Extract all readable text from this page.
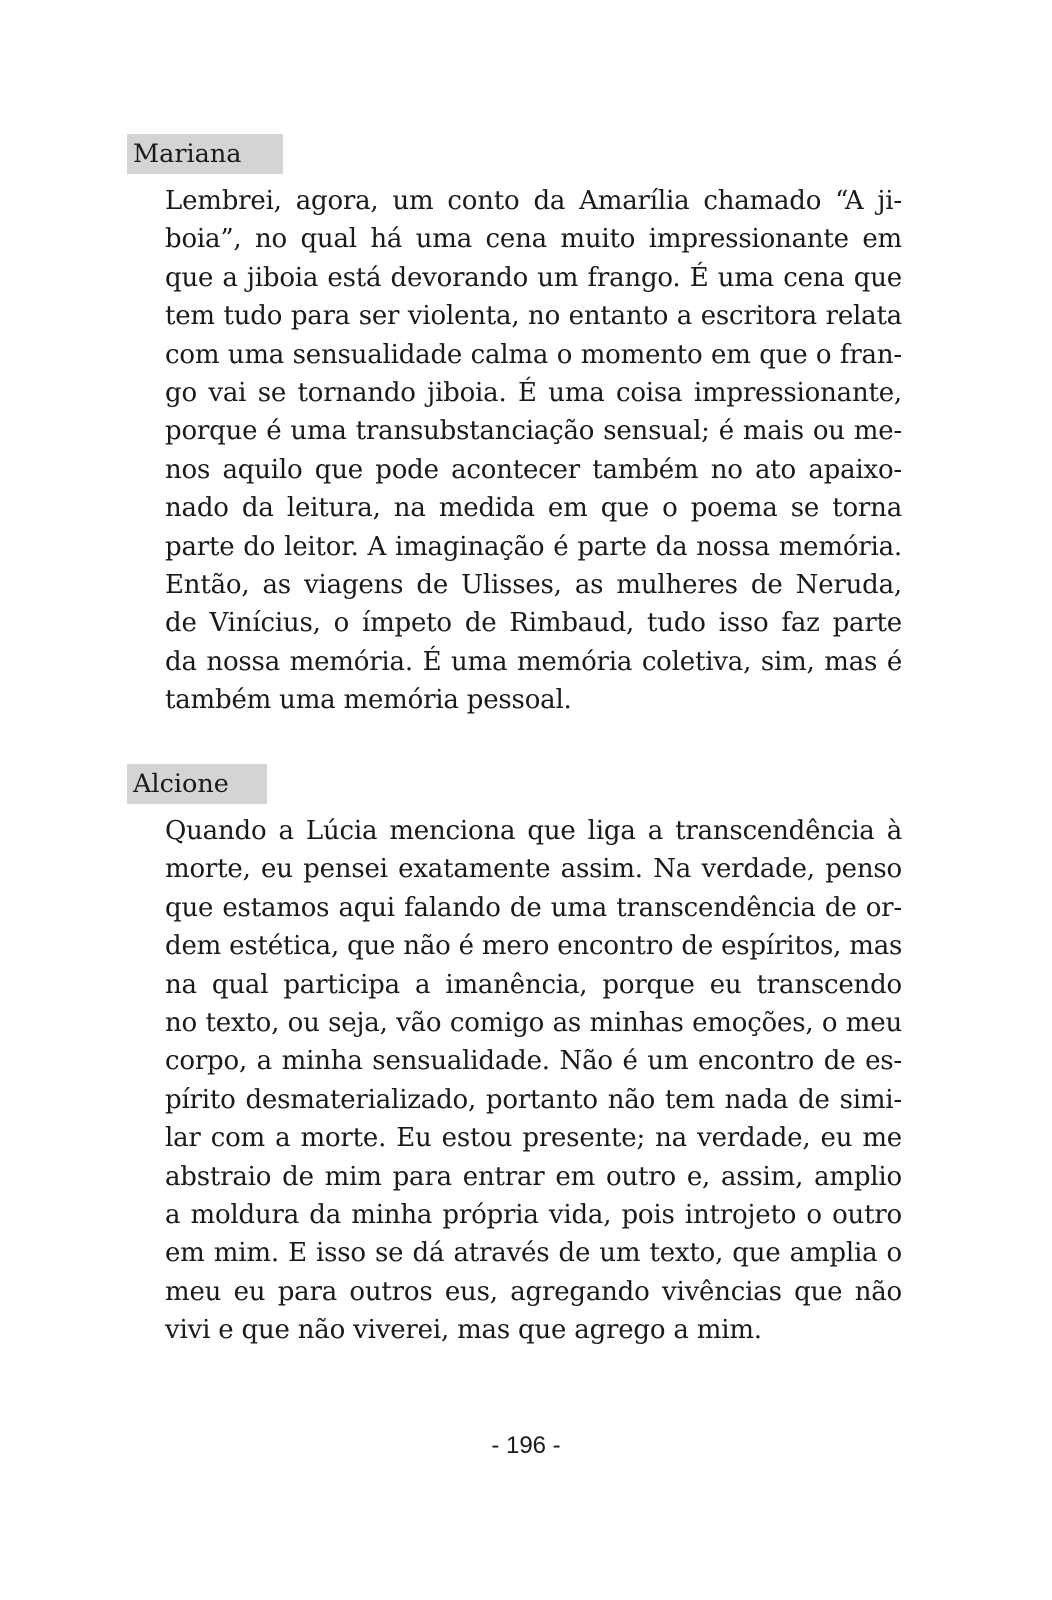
Mariana
Lembrei, agora, um conto da Amarília chamado “A ji-
boia”, no qual há uma cena muito impressionante em
que a jiboia está devorando um frango. É uma cena que
tem tudo para ser violenta, no entanto a escritora relata
com uma sensualidade calma o momento em que o fran-
go vai se tornando jiboia. É uma coisa impressionante,
porque é uma transubstanciação sensual; é mais ou me-
nos aquilo que pode acontecer também no ato apaixo-
nado da leitura, na medida em que o poema se torna
parte do leitor. A imaginação é parte da nossa memória.
Então, as viagens de Ulisses, as mulheres de Neruda,
de Vinícius, o ímpeto de Rimbaud, tudo isso faz parte
da nossa memória. É uma memória coletiva, sim, mas é
também uma memória pessoal.
Alcione
Quando a Lúcia menciona que liga a transcendência à
morte, eu pensei exatamente assim. Na verdade, penso
que estamos aqui falando de uma transcendência de or-
dem estética, que não é mero encontro de espíritos, mas
na qual participa a imanência, porque eu transcendo
no texto, ou seja, vão comigo as minhas emoções, o meu
corpo, a minha sensualidade. Não é um encontro de es-
pírito desmaterializado, portanto não tem nada de simi-
lar com a morte. Eu estou presente; na verdade, eu me
abstraio de mim para entrar em outro e, assim, amplio
a moldura da minha própria vida, pois introjeto o outro
em mim. E isso se dá através de um texto, que amplia o
meu eu para outros eus, agregando vivências que não
vivi e que não viverei, mas que agrego a mim.
- 196 -
